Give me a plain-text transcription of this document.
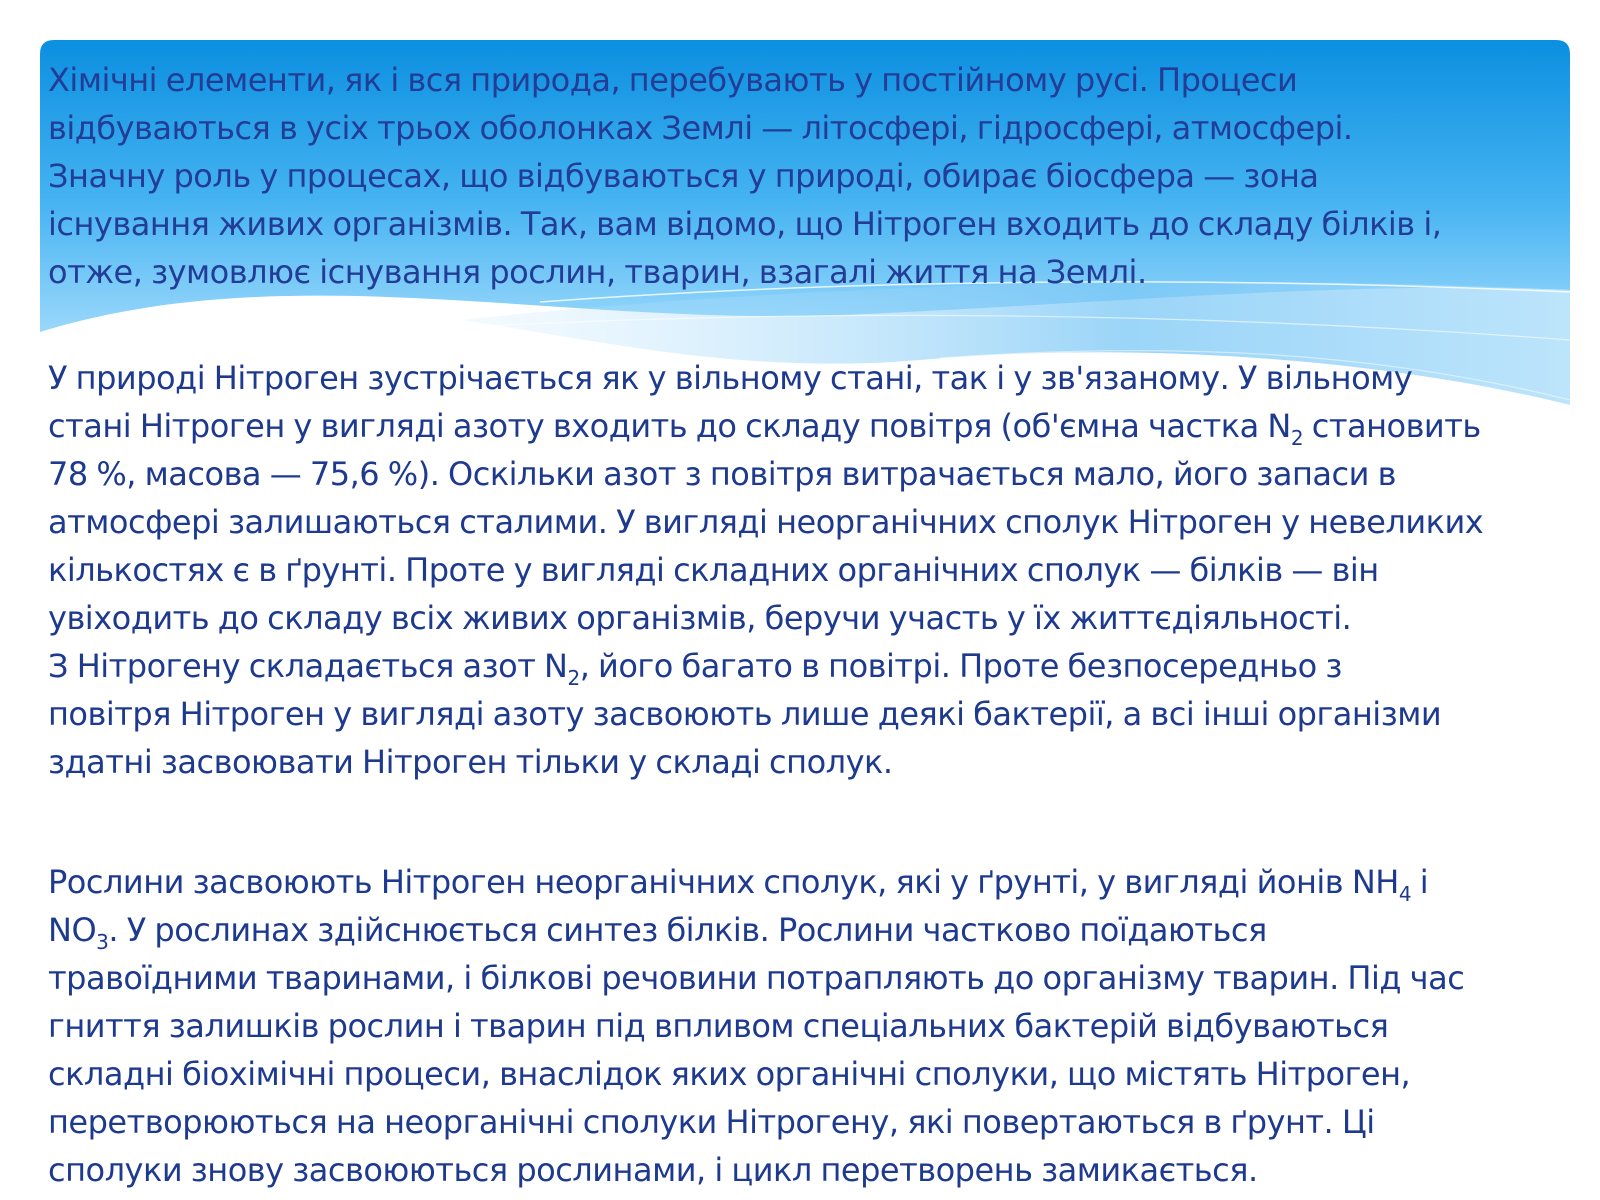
Хімічні елементи, як і вся природа, перебувають у постійному русі. Процеси
відбуваються в усіх трьох оболонках Землі — літосфері, гідросфері, атмосфері.
Значну роль у процесах, що відбуваються у природі, обирає біосфера — зона
існування живих організмів. Так, вам відомо, що Нітроген входить до складу білків і,
отже, зумовлює існування рослин, тварин, взагалі життя на Землі.
У природі Нітроген зустрічається як у вільному стані, так і у зв'язаному. У вільному
стані Нітроген у вигляді азоту входить до складу повітря (об'ємна частка $N_2$ становить
78 %, масова — 75,6 %). Оскільки азот з повітря витрачається мало, його запаси в
атмосфері залишаються сталими. У вигляді неорганічних сполук Нітроген у невеликих
кількостях є в ґрунті. Проте у вигляді складних органічних сполук — білків — він
увіходить до складу всіх живих організмів, беручи участь у їх життєдіяльності.
З Нітрогену складається азот $N_2$, його багато в повітрі. Проте безпосередньо з
повітря Нітроген у вигляді азоту засвоюють лише деякі бактерії, а всі інші організми
здатні засвоювати Нітроген тільки у складі сполук.
Рослини засвоюють Нітроген неорганічних сполук, які у ґрунті, у вигляді йонів $NH_4$ і
$NO_3$. У рослинах здійснюється синтез білків. Рослини частково поїдаються
травоїдними тваринами, і білкові речовини потрапляють до організму тварин. Під час
гниття залишків рослин і тварин під впливом спеціальних бактерій відбуваються
складні біохімічні процеси, внаслідок яких органічні сполуки, що містять Нітроген,
перетворюються на неорганічні сполуки Нітрогену, які повертаються в ґрунт. Ці
сполуки знову засвоюються рослинами, і цикл перетворень замикається.
